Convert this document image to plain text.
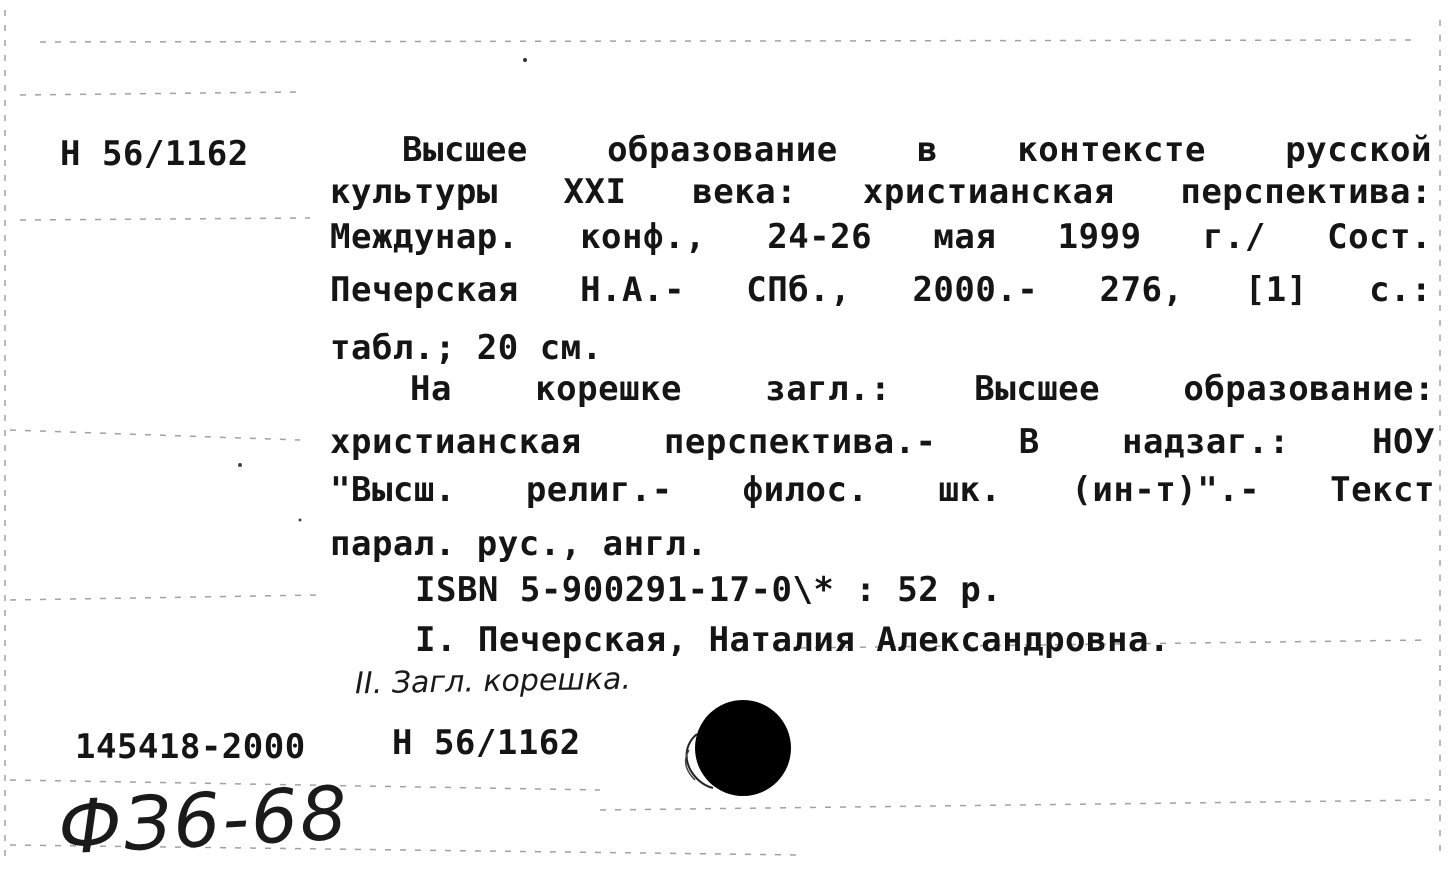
Н 56/1162	Высшее образование в контексте русской
культуры XXI века: христианская перспектива:
Междунар. конф., 24-26 мая 1999 г./ Сост.
Печерская Н.А.- СПб., 2000.- 276, [1] с.:
табл.; 20 см.
На корешке загл.: Высшее образование:
христианская перспектива.- В надзаг.: НОУ
"Высш. религ.- филос. шк. (ин-т)".- Текст
парал. рус., англ.
ISBN 5-900291-17-0\* : 52 р.
I. Печерская, Наталия Александровна.
II. Загл. корешка.
145418-2000	Н 56/1162
ФЗ6-68
